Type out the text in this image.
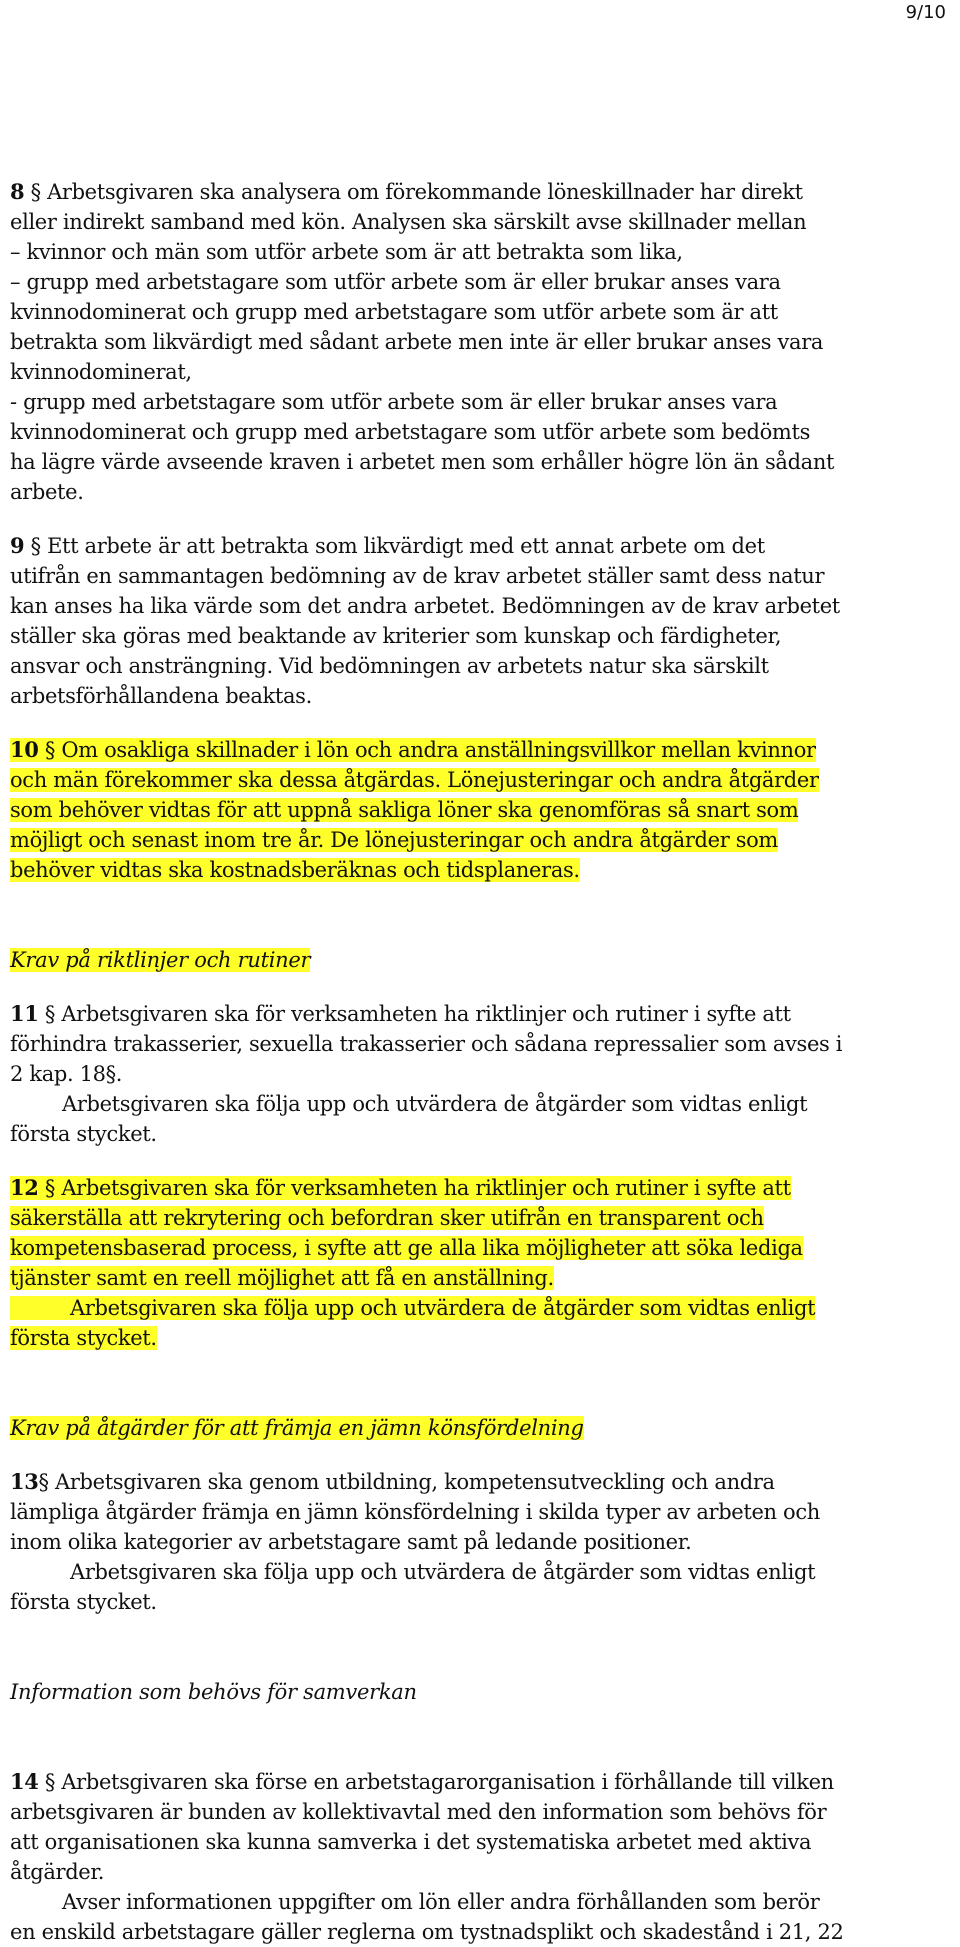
9/10

8 § Arbetsgivaren ska analysera om förekommande löneskillnader har direkt

eller indirekt samband med kön. Analysen ska särskilt avse skillnader mellan

– kvinnor och män som utför arbete som är att betrakta som lika,

– grupp med arbetstagare som utför arbete som är eller brukar anses vara

kvinnodominerat och grupp med arbetstagare som utför arbete som är att

betrakta som likvärdigt med sådant arbete men inte är eller brukar anses vara

kvinnodominerat,

- grupp med arbetstagare som utför arbete som är eller brukar anses vara

kvinnodominerat och grupp med arbetstagare som utför arbete som bedömts

ha lägre värde avseende kraven i arbetet men som erhåller högre lön än sådant

arbete.

9 § Ett arbete är att betrakta som likvärdigt med ett annat arbete om det

utifrån en sammantagen bedömning av de krav arbetet ställer samt dess natur

kan anses ha lika värde som det andra arbetet. Bedömningen av de krav arbetet

ställer ska göras med beaktande av kriterier som kunskap och färdigheter,

ansvar och ansträngning. Vid bedömningen av arbetets natur ska särskilt

arbetsförhållandena beaktas.

10 § Om osakliga skillnader i lön och andra anställningsvillkor mellan kvinnor

och män förekommer ska dessa åtgärdas. Lönejusteringar och andra åtgärder

som behöver vidtas för att uppnå sakliga löner ska genomföras så snart som

möjligt och senast inom tre år. De lönejusteringar och andra åtgärder som

behöver vidtas ska kostnadsberäknas och tidsplaneras.

Krav på riktlinjer och rutiner

11 § Arbetsgivaren ska för verksamheten ha riktlinjer och rutiner i syfte att

förhindra trakasserier, sexuella trakasserier och sådana repressalier som avses i

2 kap. 18§.

Arbetsgivaren ska följa upp och utvärdera de åtgärder som vidtas enligt

första stycket.

12 § Arbetsgivaren ska för verksamheten ha riktlinjer och rutiner i syfte att

säkerställa att rekrytering och befordran sker utifrån en transparent och

kompetensbaserad process, i syfte att ge alla lika möjligheter att söka lediga

tjänster samt en reell möjlighet att få en anställning.

Arbetsgivaren ska följa upp och utvärdera de åtgärder som vidtas enligt

första stycket.

Krav på åtgärder för att främja en jämn könsfördelning

13§ Arbetsgivaren ska genom utbildning, kompetensutveckling och andra

lämpliga åtgärder främja en jämn könsfördelning i skilda typer av arbeten och

inom olika kategorier av arbetstagare samt på ledande positioner.

Arbetsgivaren ska följa upp och utvärdera de åtgärder som vidtas enligt

första stycket.

Information som behövs för samverkan

14 § Arbetsgivaren ska förse en arbetstagarorganisation i förhållande till vilken

arbetsgivaren är bunden av kollektivavtal med den information som behövs för

att organisationen ska kunna samverka i det systematiska arbetet med aktiva

åtgärder.

Avser informationen uppgifter om lön eller andra förhållanden som berör

en enskild arbetstagare gäller reglerna om tystnadsplikt och skadestånd i 21, 22
